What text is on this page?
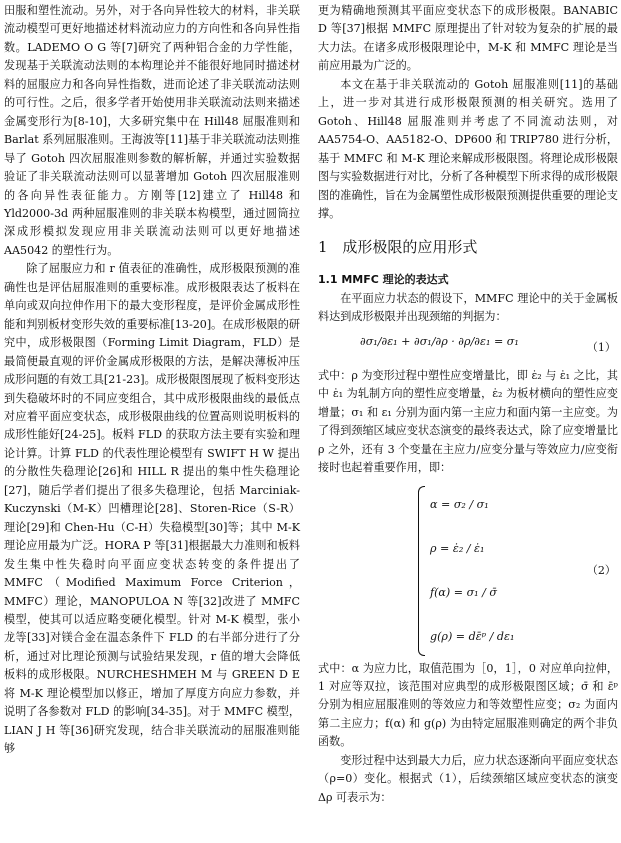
田服和塑性流动。另外，对于各向异性较大的材料，非关联流动模型可更好地描述材料流动应力的方向性和各向异性指数。LADEMO O G 等[7]研究了两种铝合金的力学性能，发现基于关联流动法则的本构理论并不能很好地同时描述材料的屈服应力和各向异性指数，进而论述了非关联流动法则的可行性。之后，很多学者开始使用非关联流动法则来描述金属变形行为[8-10]，大多研究集中在 Hill48 屈服准则和 Barlat 系列屈服准则。王海波等[11]基于非关联流动法则推导了 Gotoh 四次屈服准则参数的解析解，并通过实验数据验证了非关联流动法则可以显著增加 Gotoh 四次屈服准则的各向异性表征能力。方刚等[12]建立了 Hill48 和 Yld2000-3d 两种屈服准则的非关联本构模型，通过圆筒拉深成形模拟发现应用非关联流动法则可以更好地描述 AA5042 的塑性行为。

除了屈服应力和 r 值表征的准确性，成形极限预测的准确性也是评估屈服准则的重要标准。成形极限表达了板料在单向或双向拉伸作用下的最大变形程度，是评价金属成形性能和判别板材变形失效的重要标准[13-20]。在成形极限的研究中，成形极限图（Forming Limit Diagram，FLD）是最简便最直观的评价金属成形极限的方法，是解决薄板冲压成形问题的有效工具[21-23]。成形极限图展现了板料变形达到失稳破坏时的不同应变组合，其中成形极限曲线的最低点对应着平面应变状态，成形极限曲线的位置高则说明板料的成形性能好[24-25]。板料 FLD 的获取方法主要有实验和理论计算。计算 FLD 的代表性理论模型有 SWIFT H W 提出的分散性失稳理论[26]和 HILL R 提出的集中性失稳理论[27]，随后学者们提出了很多失稳理论，包括 Marciniak-Kuczynski（M-K）凹槽理论[28]、Storen-Rice（S-R）理论[29]和 Chen-Hu（C-H）失稳模型[30]等；其中 M-K 理论应用最为广泛。HORA P 等[31]根据最大力准则和板料发生集中性失稳时向平面应变状态转变的条件提出了 MMFC（Modified Maximum Force Criterion，MMFC）理论，MANOPULOA N 等[32]改进了 MMFC 模型，使其可以适应略变硬化模型。针对 M-K 模型，张小龙等[33]对镁合金在温态条件下 FLD 的右半部分进行了分析，通过对比理论预测与试验结果发现，r 值的增大会降低板料的成形极限。NURCHESHMEH M 与 GREEN D E 将 M-K 理论模型加以修正，增加了厚度方向应力参数，并说明了各参数对 FLD 的影响[34-35]。对于 MMFC 模型，LIAN J H 等[36]研究发现，结合非关联流动的屈服准则能够

更为精确地预测其平面应变状态下的成形极限。BANABIC D 等[37]根据 MMFC 原理提出了针对较为复杂的扩展的最大力法。在诸多成形极限理论中，M-K 和 MMFC 理论是当前应用最为广泛的。

本文在基于非关联流动的 Gotoh 屈服准则[11]的基础上，进一步对其进行成形极限预测的相关研究。选用了 Gotoh、Hill48 屈服准则并考虑了不同流动法则，对 AA5754-O、AA5182-O、DP600 和 TRIP780 进行分析，基于 MMFC 和 M-K 理论来解成形极限图。将理论成形极限图与实验数据进行对比，分析了各种模型下所求得的成形极限图的准确性，旨在为金属塑性成形极限预测提供重要的理论支撑。

1 成形极限的应用形式

1.1 MMFC 理论的表达式

在平面应力状态的假设下，MMFC 理论中的关于金属板料达到成形极限并出现颈缩的判据为：

∂σ₁/∂ε₁ + ∂σ₁/∂ρ · ∂ρ/∂ε₁ = σ₁	（1）

式中：ρ 为变形过程中塑性应变增量比，即 ε̇₂ 与 ε̇₁ 之比，其中 ε̇₁ 为轧制方向的塑性应变增量，ε̇₂ 为板材横向的塑性应变增量；σ₁ 和 ε₁ 分别为面内第一主应力和面内第一主应变。为了得到颈缩区域应变状态演变的最终表达式，除了应变增量比 ρ 之外，还有 3 个变量在主应力/应变分量与等效应力/应变衔接时也起着重要作用，即：

α = σ₂ / σ₁
ρ = ε̇₂ / ε̇₁
f(α) = σ₁ / σ̄
g(ρ) = dε̄ᵖ / dε₁
（2）

式中：α 为应力比，取值范围为［0，1］，0 对应单向拉伸，1 对应等双拉，该范围对应典型的成形极限图区域；σ̄ 和 ε̄ᵖ 分别为相应屈服准则的等效应力和等效塑性应变；σ₂ 为面内第二主应力；f(α) 和 g(ρ) 为由特定屈服准则确定的两个非负函数。

变形过程中达到最大力后，应力状态逐渐向平面应变状态（ρ=0）变化。根据式（1），后续颈缩区域应变状态的演变 Δρ 可表示为：
